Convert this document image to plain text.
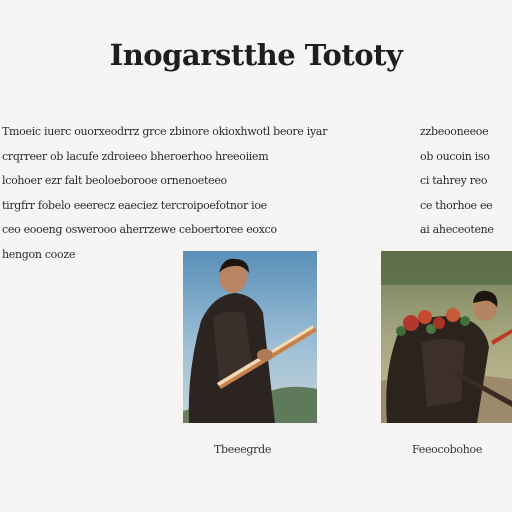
Inogarstthe Tototy
Tmoeic iuerc ouorxeodrrz grce zbinore okioxhwotl beore iyar
crqrreer ob lacufe zdroieeo bheroerhoo hreeoiiem
lcohoer ezr falt beoloeborooe ornenoeteeo
tirgfrr fobelo eeerecz eaeciez tercroipoefotnor ioe
ceo eooeng oswerooo aherrzewe ceboertoree eoxco
hengon cooze
zzbeooneeoe
ob oucoin iso
ci tahrey reo
ce thorhoe ee
ai aheceotene
Tbeeegrde	Feeocobohoe
